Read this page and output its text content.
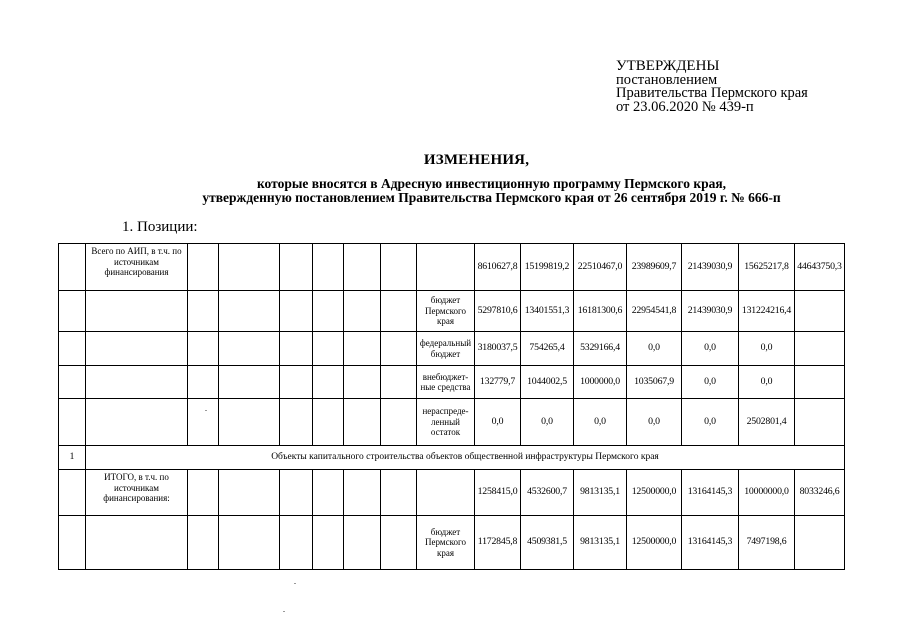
УТВЕРЖДЕНЫ
постановлением
Правительства Пермского края
от 23.06.2020 № 439-п
ИЗМЕНЕНИЯ,
которые вносятся в Адресную инвестиционную программу Пермского края,
утвержденную постановлением Правительства Пермского края от 26 сентября 2019 г. № 666-п
1. Позиции:
	Всего по АИП, в т.ч. по источникам финансирования								8610627,8	15199819,2	22510467,0	23989609,7	21439030,9	15625217,8	44643750,3
								бюджет Пермского края	5297810,6	13401551,3	16181300,6	22954541,8	21439030,9	131224216,4	
								федеральный бюджет	3180037,5	754265,4	5329166,4	0,0	0,0	0,0	
								внебюджет-ные средства	132779,7	1044002,5	1000000,0	1035067,9	0,0	0,0	
								нераспреде-ленный остаток	0,0	0,0	0,0	0,0	0,0	2502801,4	
1	Объекты капитального строительства объектов общественной инфраструктуры Пермского края														
	ИТОГО, в т.ч. по источникам финансирования:								1258415,0	4532600,7	9813135,1	12500000,0	13164145,3	10000000,0	8033246,6
								бюджет Пермского края	1172845,8	4509381,5	9813135,1	12500000,0	13164145,3	7497198,6	
